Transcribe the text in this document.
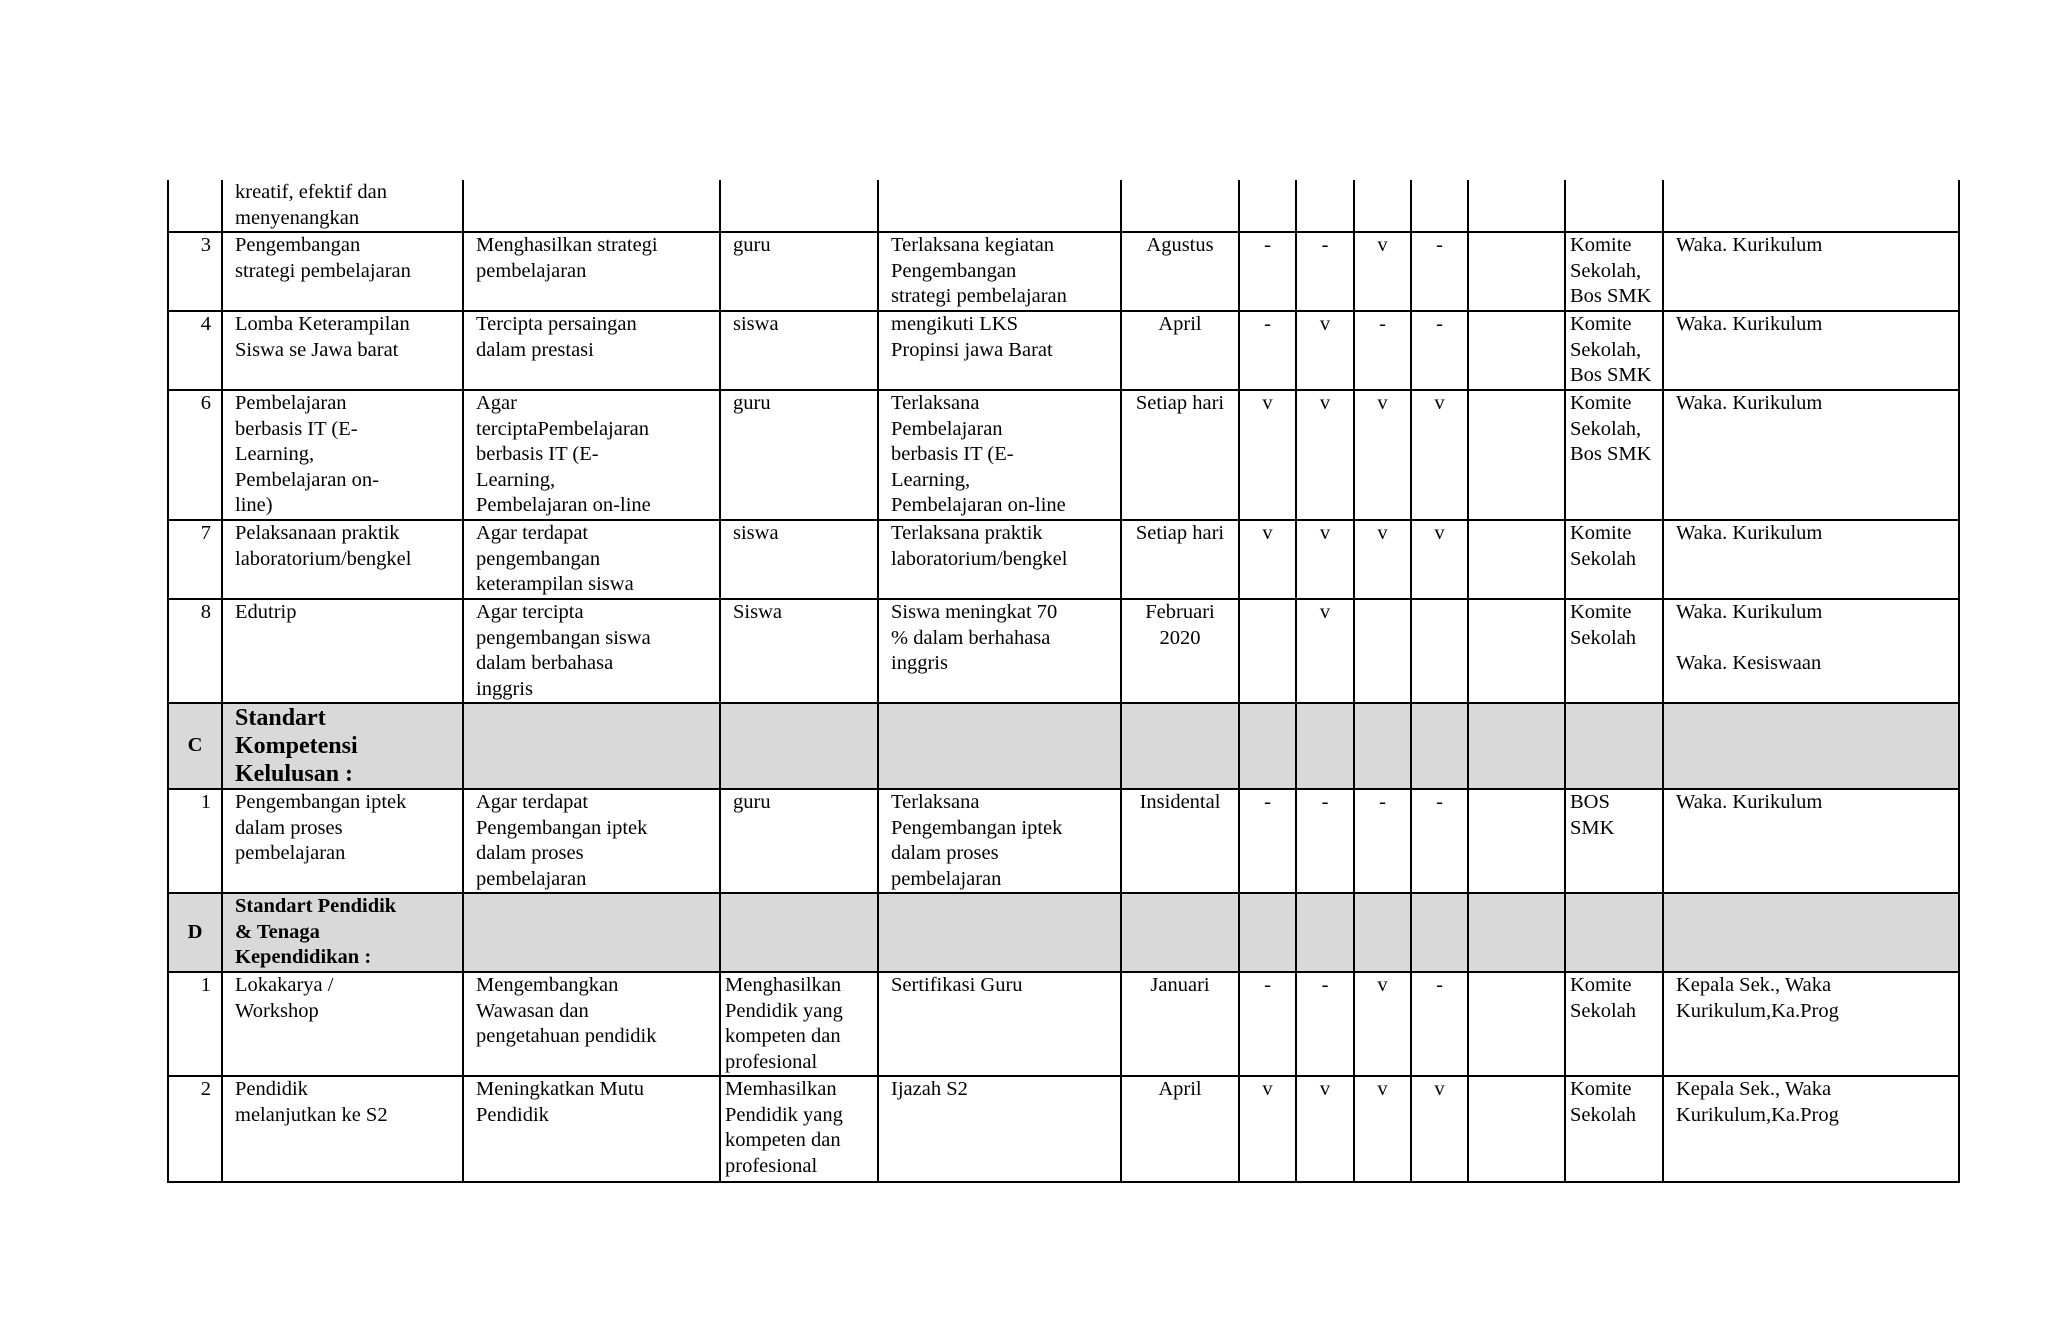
	kreatif, efektif dan
menyenangkan											
3	Pengembangan
strategi pembelajaran	Menghasilkan strategi
pembelajaran	guru	Terlaksana kegiatan
Pengembangan
strategi pembelajaran	Agustus	-	-	v	-		Komite
Sekolah,
Bos SMK	Waka. Kurikulum
4	Lomba Keterampilan
Siswa se Jawa barat	Tercipta persaingan
dalam prestasi	siswa	mengikuti LKS
Propinsi jawa Barat	April	-	v	-	-		Komite
Sekolah,
Bos SMK	Waka. Kurikulum
6	Pembelajaran
berbasis IT (E-
Learning,
Pembelajaran on-
line)	Agar
terciptaPembelajaran
berbasis IT (E-
Learning,
Pembelajaran on-line	guru	Terlaksana
Pembelajaran
berbasis IT (E-
Learning,
Pembelajaran on-line	Setiap hari	v	v	v	v		Komite
Sekolah,
Bos SMK	Waka. Kurikulum
7	Pelaksanaan praktik
laboratorium/bengkel	Agar terdapat
pengembangan
keterampilan siswa	siswa	Terlaksana praktik
laboratorium/bengkel	Setiap hari	v	v	v	v		Komite
Sekolah	Waka. Kurikulum
8	Edutrip	Agar tercipta
pengembangan siswa
dalam berbahasa
inggris	Siswa	Siswa meningkat 70
% dalam berhahasa
inggris	Februari
2020		v				Komite
Sekolah	Waka. Kurikulum

Waka. Kesiswaan
C	Standart
Kompetensi
Kelulusan :											
1	Pengembangan iptek
dalam proses
pembelajaran	Agar terdapat
Pengembangan iptek
dalam proses
pembelajaran	guru	Terlaksana
Pengembangan iptek
dalam proses
pembelajaran	Insidental	-	-	-	-		BOS
SMK	Waka. Kurikulum
D	Standart Pendidik
& Tenaga
Kependidikan :											
1	Lokakarya /
Workshop	Mengembangkan
Wawasan dan
pengetahuan pendidik	Menghasilkan
Pendidik yang
kompeten dan
profesional	Sertifikasi Guru	Januari	-	-	v	-		Komite
Sekolah	Kepala Sek., Waka
Kurikulum,Ka.Prog
2	Pendidik
melanjutkan ke S2	Meningkatkan Mutu
Pendidik	Memhasilkan
Pendidik yang
kompeten dan
profesional	Ijazah S2	April	v	v	v	v		Komite
Sekolah	Kepala Sek., Waka
Kurikulum,Ka.Prog
